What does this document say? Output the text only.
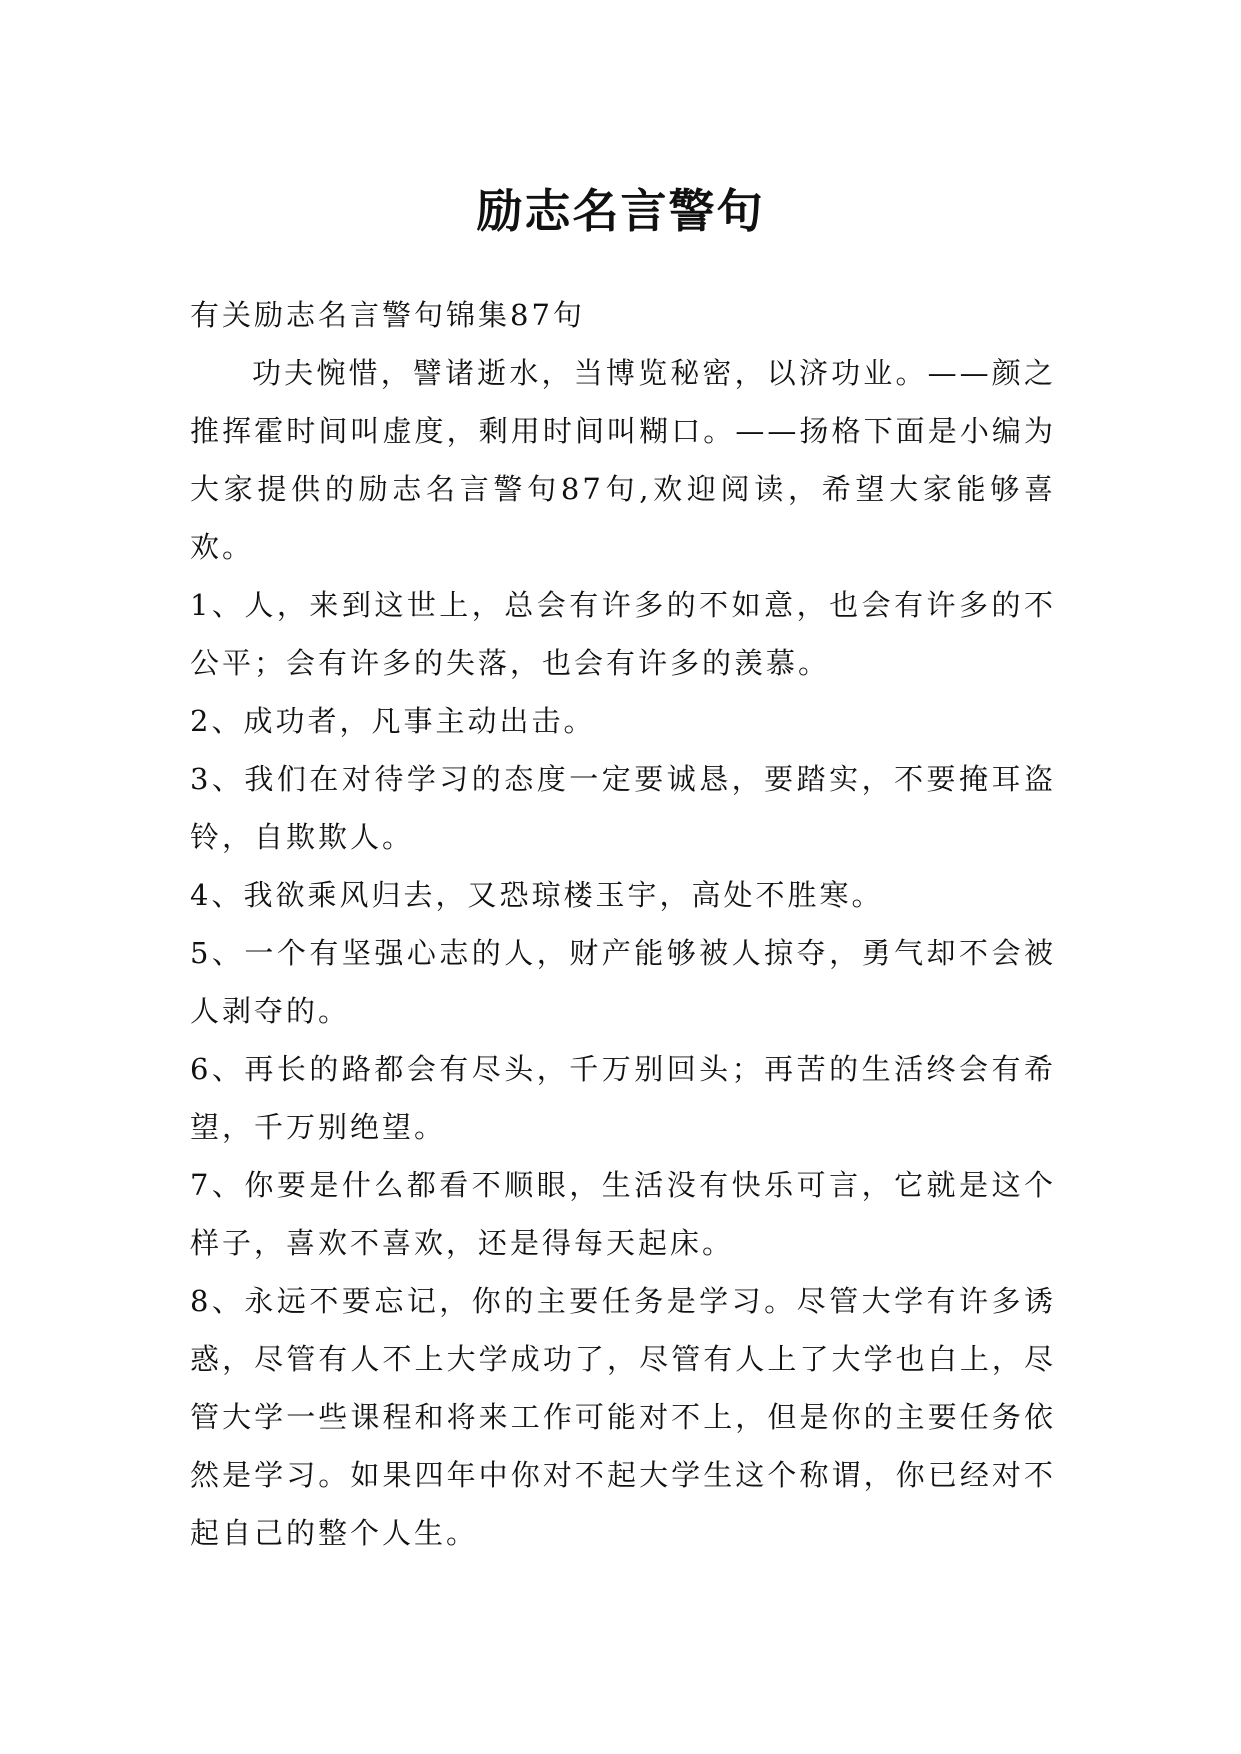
励志名言警句

有关励志名言警句锦集87句

功夫惋惜，譬诸逝水，当博览秘密，以济功业。——颜之推挥霍时间叫虚度，剩用时间叫糊口。——扬格下面是小编为大家提供的励志名言警句87句,欢迎阅读，希望大家能够喜欢。

1、人，来到这世上，总会有许多的不如意，也会有许多的不公平；会有许多的失落，也会有许多的羡慕。

2、成功者，凡事主动出击。

3、我们在对待学习的态度一定要诚恳，要踏实，不要掩耳盗铃，自欺欺人。

4、我欲乘风归去，又恐琼楼玉宇，高处不胜寒。

5、一个有坚强心志的人，财产能够被人掠夺，勇气却不会被人剥夺的。

6、再长的路都会有尽头，千万别回头；再苦的生活终会有希望，千万别绝望。

7、你要是什么都看不顺眼，生活没有快乐可言，它就是这个样子，喜欢不喜欢，还是得每天起床。

8、永远不要忘记，你的主要任务是学习。尽管大学有许多诱惑，尽管有人不上大学成功了，尽管有人上了大学也白上，尽管大学一些课程和将来工作可能对不上，但是你的主要任务依然是学习。如果四年中你对不起大学生这个称谓，你已经对不起自己的整个人生。
